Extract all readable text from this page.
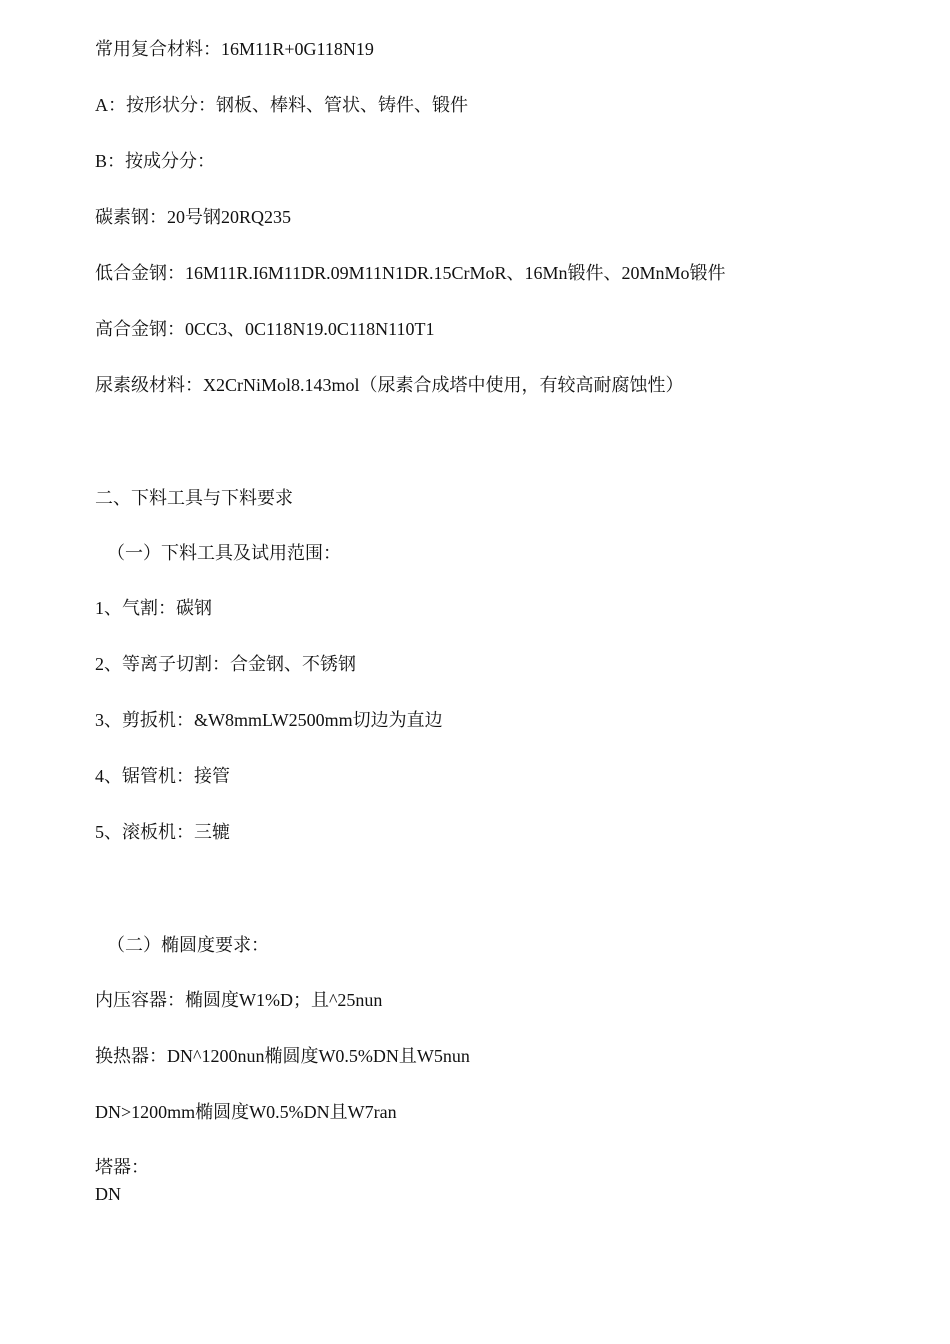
常用复合材料：16M11R+0G118N19
A：按形状分：钢板、棒料、管状、铸件、锻件
B：按成分分：
碳素钢：20号钢20RQ235
低合金钢：16M11R.I6M11DR.09M11N1DR.15CrMoR、16Mn锻件、20MnMo锻件
高合金钢：0CC3、0C118N19.0C118N110T1
尿素级材料：X2CrNiMol8.143mol（尿素合成塔中使用，有较高耐腐蚀性）
二、下料工具与下料要求
（一）下料工具及试用范围：
1、气割：碳钢
2、等离子切割：合金钢、不锈钢
3、剪扳机：&W8mmLW2500mm切边为直边
4、锯管机：接管
5、滚板机：三辘
（二）椭圆度要求：
内压容器：椭圆度W1%D；且^25nun
换热器：DN^1200nun椭圆度W0.5%DN且W5nun
DN>1200mm椭圆度W0.5%DN且W7ran
塔器：
DN
